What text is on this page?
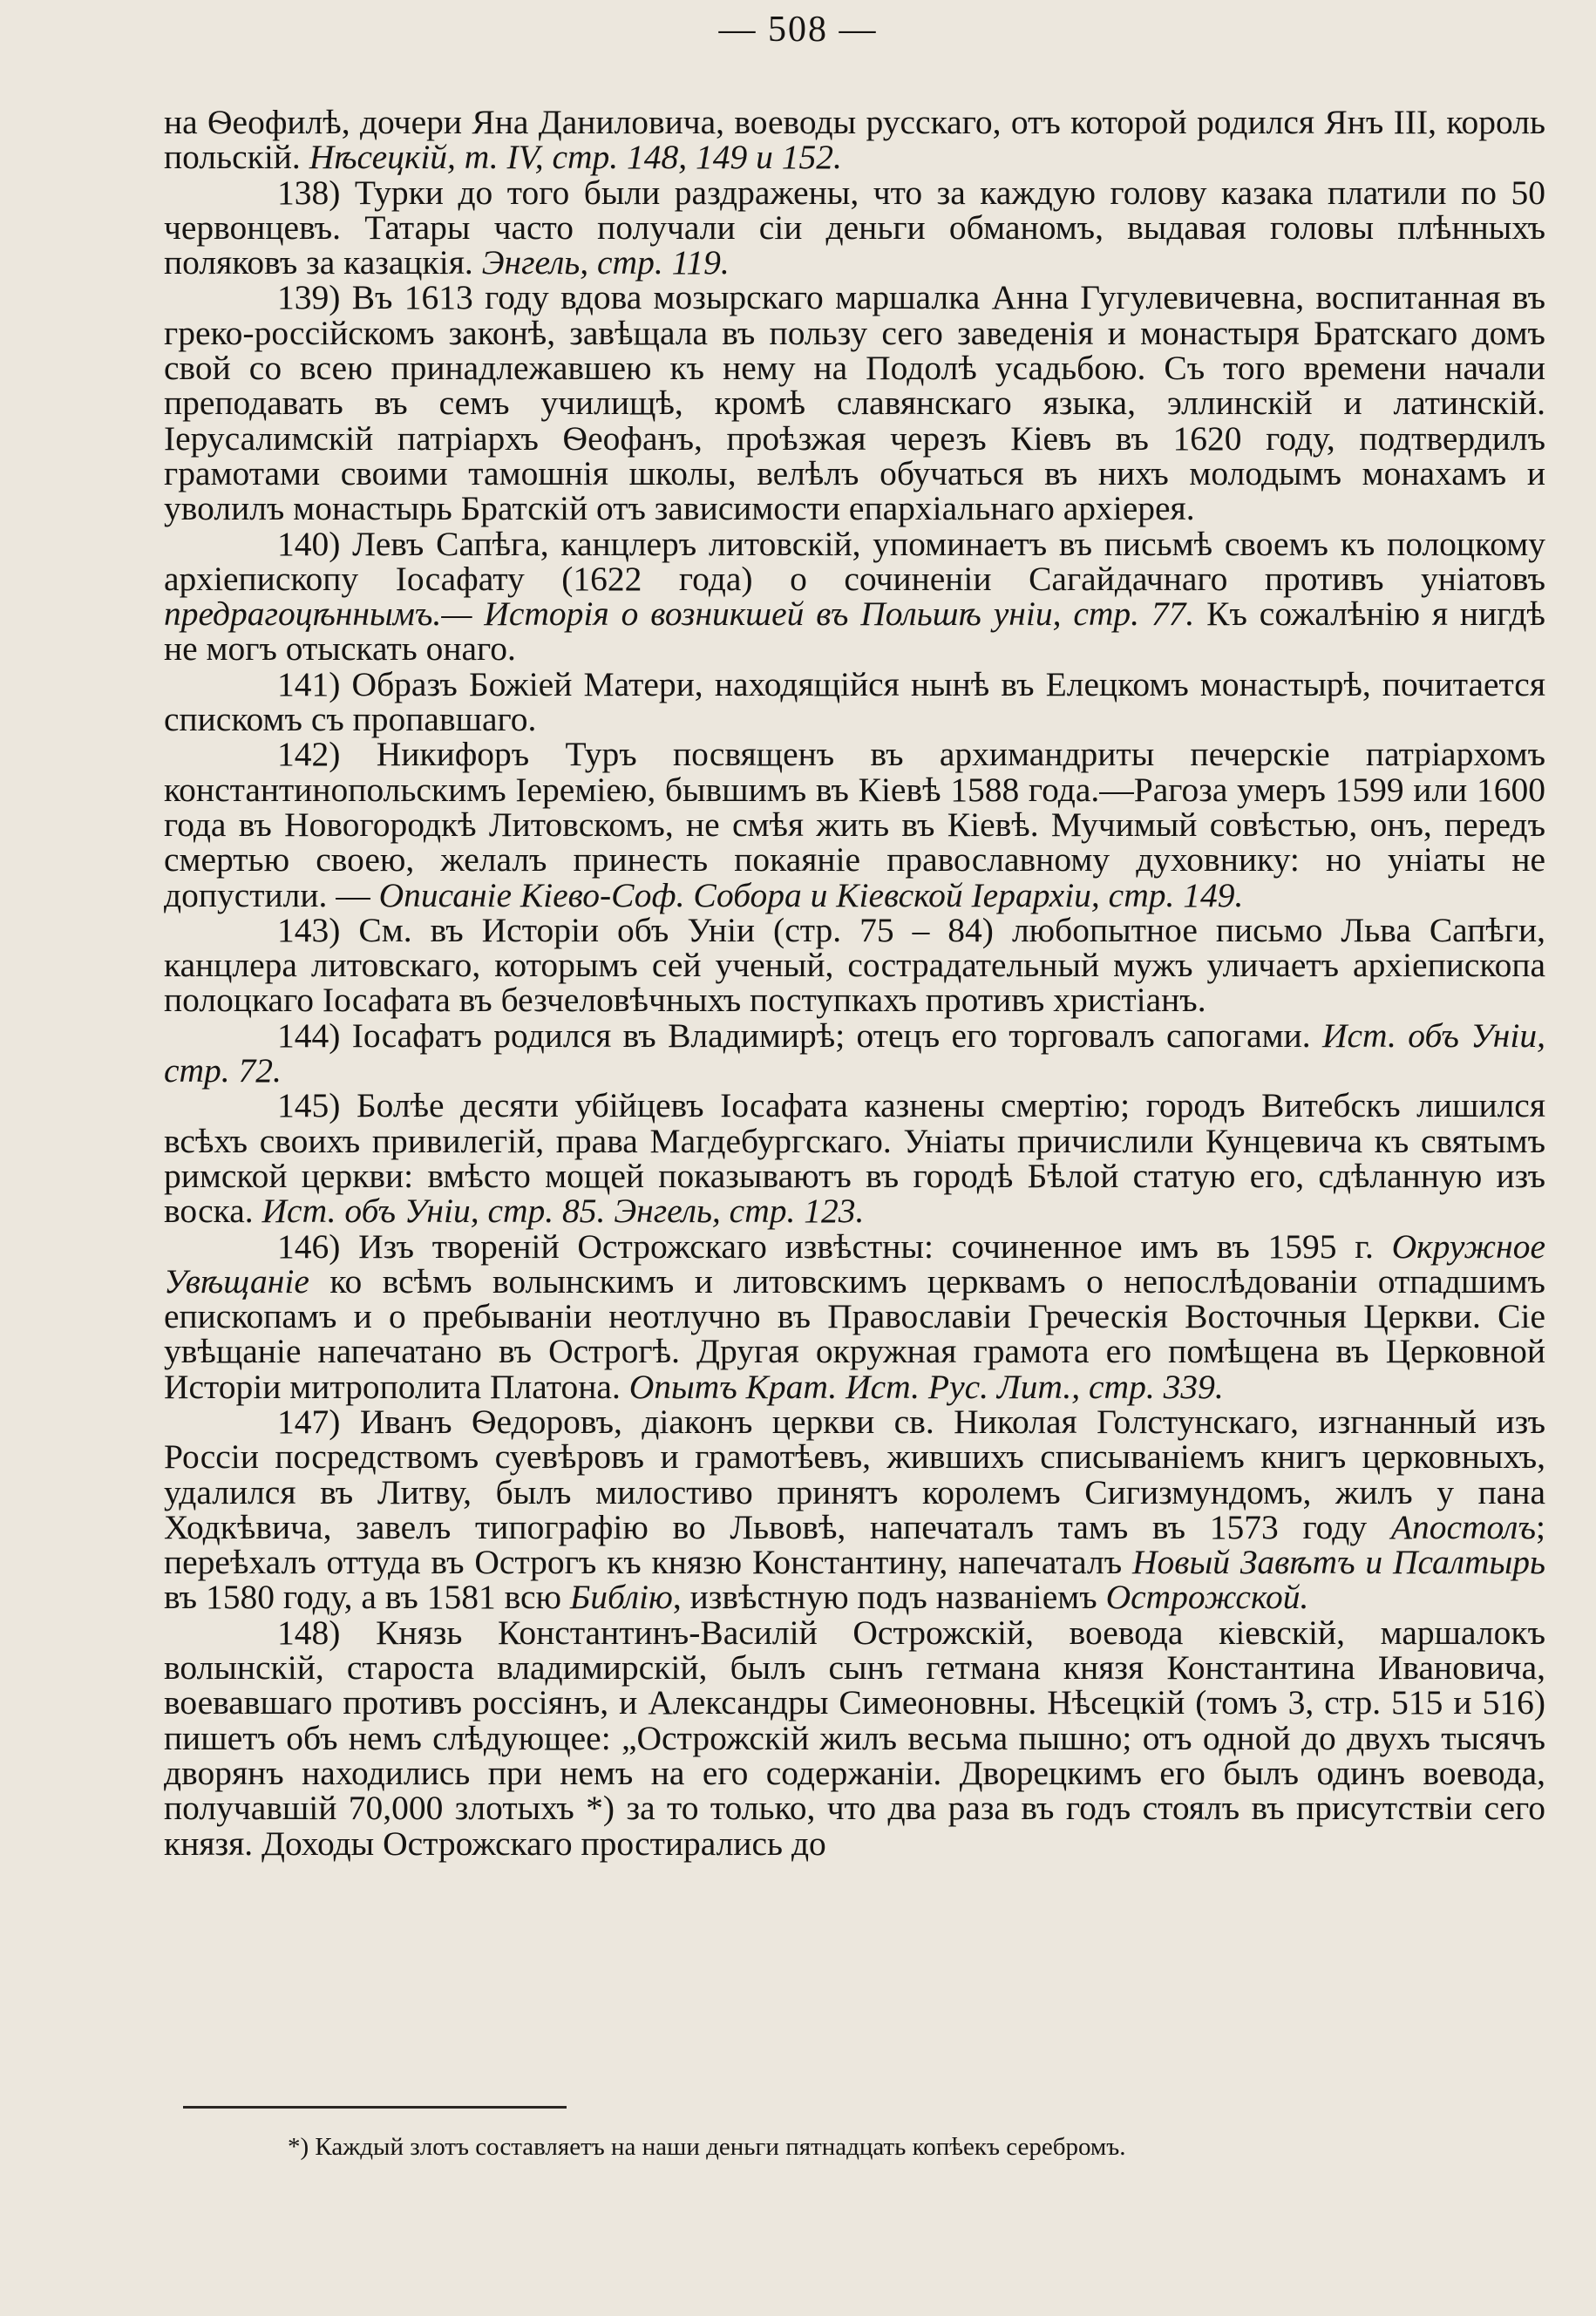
— 508 —

на Ѳеофилѣ, дочери Яна Даниловича, воеводы русскаго, отъ которой родился Янъ III, король польскій. Нѣсецкій, т. IV, стр. 148, 149 и 152.

138) Турки до того были раздражены, что за каждую голову казака платили по 50 червонцевъ. Татары часто получали сіи деньги обманомъ, выдавая головы плѣнныхъ поляковъ за казацкія. Энгель, стр. 119.

139) Въ 1613 году вдова мозырскаго маршалка Анна Гугулевичевна, воспитанная въ греко-россійскомъ законѣ, завѣщала въ пользу сего заведенія и монастыря Братскаго домъ свой со всею принадлежавшею къ нему на Подолѣ усадьбою. Съ того времени начали преподавать въ семъ училищѣ, кромѣ славянскаго языка, эллинскій и латинскій. Іерусалимскій патріархъ Ѳеофанъ, проѣзжая черезъ Кіевъ въ 1620 году, подтвердилъ грамотами своими тамошнія школы, велѣлъ обучаться въ нихъ молодымъ монахамъ и уволилъ монастырь Братскій отъ зависимости епархіальнаго архіерея.

140) Левъ Сапѣга, канцлеръ литовскій, упоминаетъ въ письмѣ своемъ къ полоцкому архіепископу Іосафату (1622 года) о сочиненіи Сагайдачнаго противъ уніатовъ предрагоцѣннымъ.— Исторія о возникшей въ Польшѣ уніи, стр. 77. Къ сожалѣнію я нигдѣ не могъ отыскать онаго.

141) Образъ Божіей Матери, находящійся нынѣ въ Елецкомъ монастырѣ, почитается спискомъ съ пропавшаго.

142) Никифоръ Туръ посвященъ въ архимандриты печерскіе патріархомъ константинопольскимъ Іереміею, бывшимъ въ Кіевѣ 1588 года.—Рагоза умеръ 1599 или 1600 года въ Новогородкѣ Литовскомъ, не смѣя жить въ Кіевѣ. Мучимый совѣстью, онъ, передъ смертью своею, желалъ принесть покаяніе православному духовнику: но уніаты не допустили. — Описаніе Кіево-Соф. Собора и Кіевской Іерархіи, стр. 149.

143) См. въ Исторіи объ Уніи (стр. 75 – 84) любопытное письмо Льва Сапѣги, канцлера литовскаго, которымъ сей ученый, сострадательный мужъ уличаетъ архіепископа полоцкаго Іосафата въ безчеловѣчныхъ поступкахъ противъ христіанъ.

144) Іосафатъ родился въ Владимирѣ; отецъ его торговалъ сапогами. Ист. объ Уніи, стр. 72.

145) Болѣе десяти убійцевъ Іосафата казнены смертію; городъ Витебскъ лишился всѣхъ своихъ привилегій, права Магдебургскаго. Уніаты причислили Кунцевича къ святымъ римской церкви: вмѣсто мощей показываютъ въ городѣ Бѣлой статую его, сдѣланную изъ воска. Ист. объ Уніи, стр. 85. Энгель, стр. 123.

146) Изъ твореній Острожскаго извѣстны: сочиненное имъ въ 1595 г. Окружное Увѣщаніе ко всѣмъ волынскимъ и литовскимъ церквамъ о непослѣдованіи отпадшимъ епископамъ и о пребываніи неотлучно въ Православіи Греческія Восточныя Церкви. Сіе увѣщаніе напечатано въ Острогѣ. Другая окружная грамота его помѣщена въ Церковной Исторіи митрополита Платона. Опытъ Крат. Ист. Рус. Лит., стр. 339.

147) Иванъ Ѳедоровъ, діаконъ церкви св. Николая Голстунскаго, изгнанный изъ Россіи посредствомъ суевѣровъ и грамотѣевъ, жившихъ списываніемъ книгъ церковныхъ, удалился въ Литву, былъ милостиво принятъ королемъ Сигизмундомъ, жилъ у пана Ходкѣвича, завелъ типографію во Львовѣ, напечаталъ тамъ въ 1573 году Апостолъ; переѣхалъ оттуда въ Острогъ къ князю Константину, напечаталъ Новый Завѣтъ и Псалтырь въ 1580 году, а въ 1581 всю Библію, извѣстную подъ названіемъ Острожской.

148) Князь Константинъ-Василій Острожскій, воевода кіевскій, маршалокъ волынскій, староста владимирскій, былъ сынъ гетмана князя Константина Ивановича, воевавшаго противъ россіянъ, и Александры Симеоновны. Нѣсецкій (томъ 3, стр. 515 и 516) пишетъ объ немъ слѣдующее: „Острожскій жилъ весьма пышно; отъ одной до двухъ тысячъ дворянъ находились при немъ на его содержаніи. Дворецкимъ его былъ одинъ воевода, получавшій 70,000 злотыхъ *) за то только, что два раза въ годъ стоялъ въ присутствіи сего князя. Доходы Острожскаго простирались до

*) Каждый злотъ составляетъ на наши деньги пятнадцать копѣекъ серебромъ.
